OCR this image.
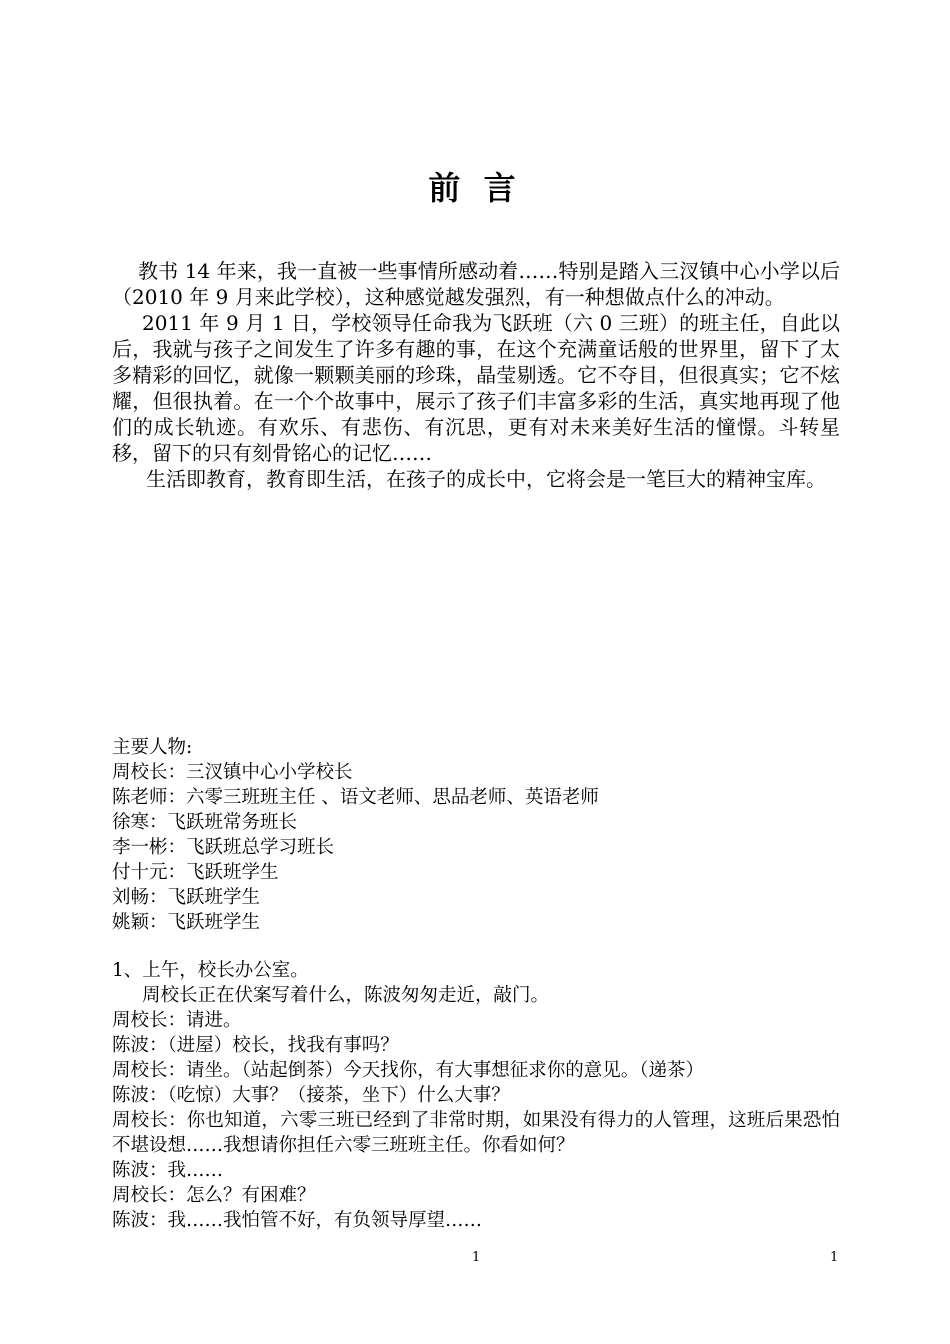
前 言

教书 14 年来，我一直被一些事情所感动着……特别是踏入三汊镇中心小学以后（2010 年 9 月来此学校），这种感觉越发强烈，有一种想做点什么的冲动。

2011 年 9 月 1 日，学校领导任命我为飞跃班（六 0 三班）的班主任，自此以后，我就与孩子之间发生了许多有趣的事，在这个充满童话般的世界里，留下了太多精彩的回忆，就像一颗颗美丽的珍珠，晶莹剔透。它不夺目，但很真实；它不炫耀，但很执着。在一个个故事中，展示了孩子们丰富多彩的生活，真实地再现了他们的成长轨迹。有欢乐、有悲伤、有沉思，更有对未来美好生活的憧憬。斗转星移，留下的只有刻骨铭心的记忆……

生活即教育，教育即生活，在孩子的成长中，它将会是一笔巨大的精神宝库。

主要人物:
周校长：三汊镇中心小学校长
陈老师：六零三班班主任 、语文老师、思品老师、英语老师
徐寒：飞跃班常务班长
李一彬：飞跃班总学习班长
付十元：飞跃班学生
刘畅：飞跃班学生
姚颖：飞跃班学生
1、上午，校长办公室。
周校长正在伏案写着什么，陈波匆匆走近，敲门。
周校长：请进。
陈波：（进屋）校长，找我有事吗？
周校长：请坐。（站起倒茶）今天找你，有大事想征求你的意见。（递茶）
陈波：（吃惊）大事？（接茶，坐下）什么大事？
周校长：你也知道，六零三班已经到了非常时期，如果没有得力的人管理，这班后果恐怕不堪设想……我想请你担任六零三班班主任。你看如何？
陈波：我……
周校长：怎么？有困难？
陈波：我……我怕管不好，有负领导厚望……
1	1
